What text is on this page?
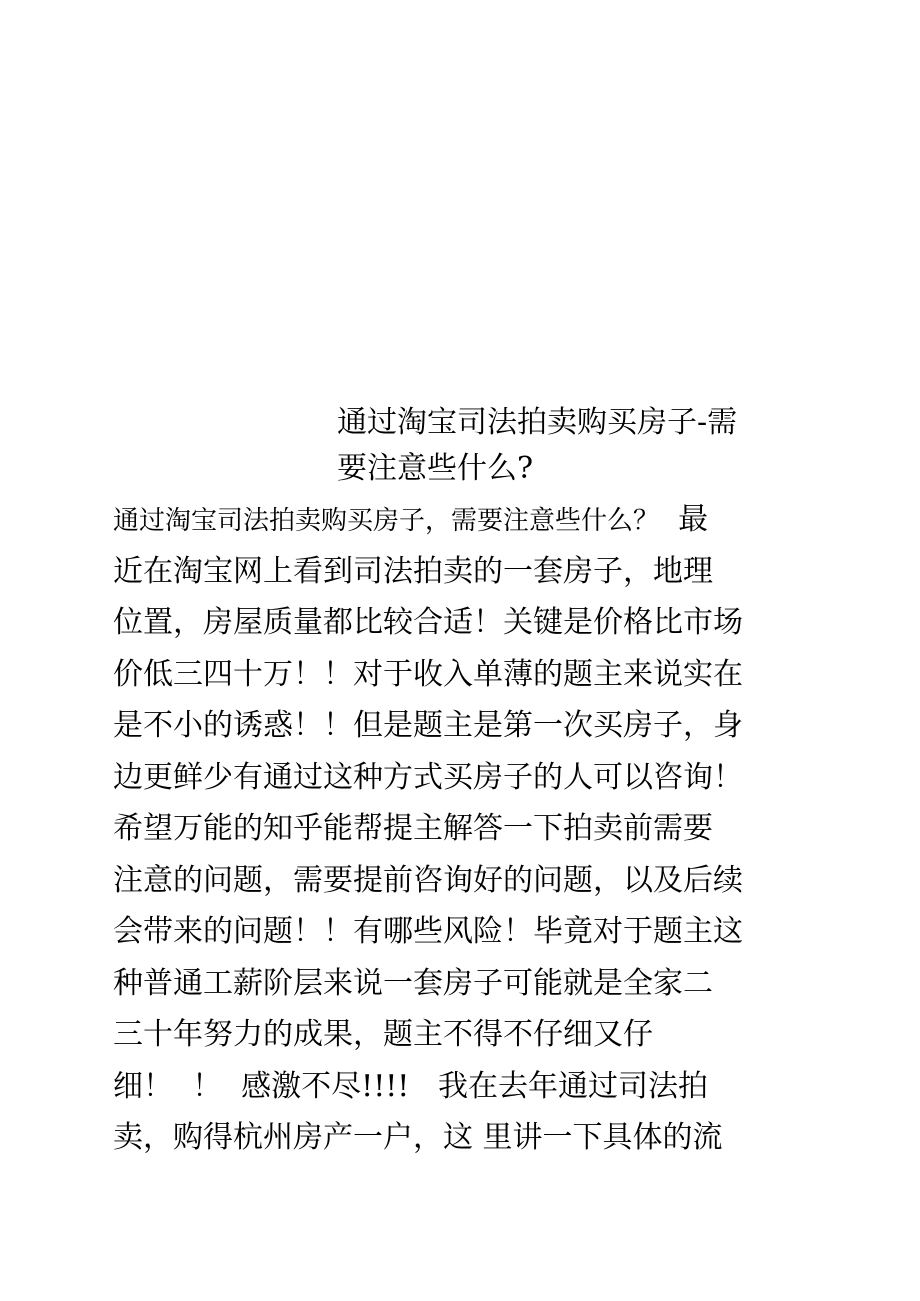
通过淘宝司法拍卖购买房子-需
要注意些什么?
通过淘宝司法拍卖购买房子，需要注意些什么？  最
近在淘宝网上看到司法拍卖的一套房子，地理
位置，房屋质量都比较合适！关键是价格比市场
价低三四十万！！对于收入单薄的题主来说实在
是不小的诱惑！！但是题主是第一次买房子，身
边更鲜少有通过这种方式买房子的人可以咨询！
希望万能的知乎能帮提主解答一下拍卖前需要
注意的问题，需要提前咨询好的问题，以及后续
会带来的问题！！有哪些风险！毕竟对于题主这
种普通工薪阶层来说一套房子可能就是全家二
三十年努力的成果，题主不得不仔细又仔
细！  ！  感激不尽!!!!   我在去年通过司法拍
卖，购得杭州房产一户，这 里讲一下具体的流
